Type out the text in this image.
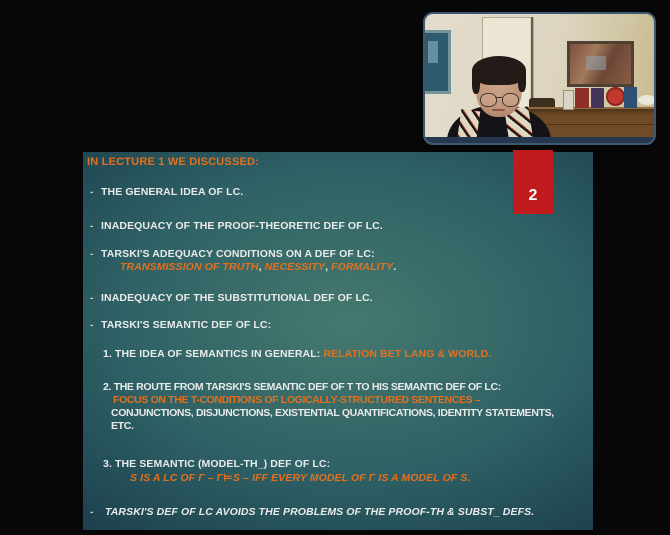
2
IN LECTURE 1 WE DISCUSSED:
- THE GENERAL IDEA OF LC.
- INADEQUACY OF THE PROOF-THEORETIC DEF OF LC.
- TARSKI'S ADEQUACY CONDITIONS ON A DEF OF LC:
TRANSMISSION OF TRUTH, NECESSITY, FORMALITY.
- INADEQUACY OF THE SUBSTITUTIONAL DEF OF LC.
- TARSKI'S SEMANTIC DEF OF LC:
1. THE IDEA OF SEMANTICS IN GENERAL: RELATION BET LANG & WORLD.
2. THE ROUTE FROM TARSKI'S SEMANTIC DEF OF T TO HIS SEMANTIC DEF OF LC:
FOCUS ON THE T-CONDITIONS OF LOGICALLY-STRUCTURED SENTENCES –
CONJUNCTIONS, DISJUNCTIONS, EXISTENTIAL QUANTIFICATIONS, IDENTITY STATEMENTS,
ETC.
3. THE SEMANTIC (MODEL-TH_) DEF OF LC:
S IS A LC OF Γ – Γ⊨S – IFF EVERY MODEL OF Γ IS A MODEL OF S.
- TARSKI'S DEF OF LC AVOIDS THE PROBLEMS OF THE PROOF-TH & SUBST_ DEFS.
